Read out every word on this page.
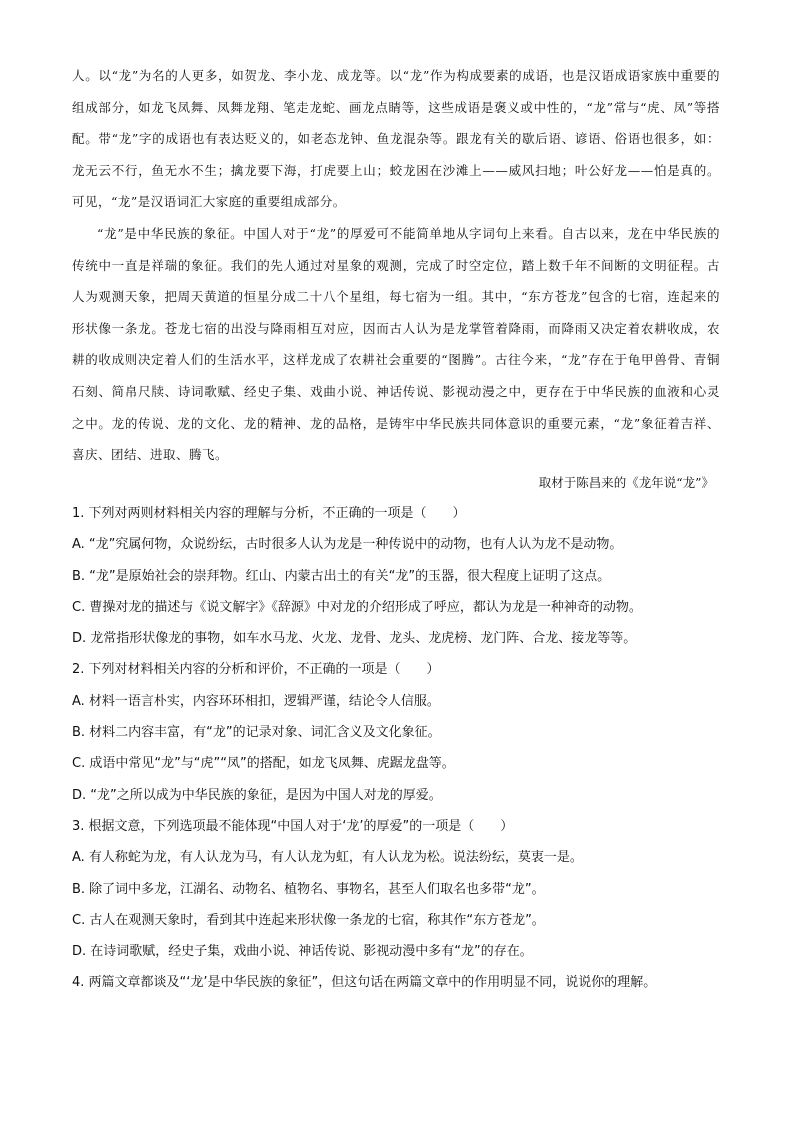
人。以“龙”为名的人更多，如贺龙、李小龙、成龙等。以“龙”作为构成要素的成语，也是汉语成语家族中重要的组成部分，如龙飞凤舞、凤舞龙翔、笔走龙蛇、画龙点睛等，这些成语是褒义或中性的，“龙”常与“虎、凤”等搭配。带“龙”字的成语也有表达贬义的，如老态龙钟、鱼龙混杂等。跟龙有关的歇后语、谚语、俗语也很多，如：龙无云不行，鱼无水不生；擒龙要下海，打虎要上山；蛟龙困在沙滩上——威风扫地；叶公好龙——怕是真的。可见，“龙”是汉语词汇大家庭的重要组成部分。

“龙”是中华民族的象征。中国人对于“龙”的厚爱可不能简单地从字词句上来看。自古以来，龙在中华民族的传统中一直是祥瑞的象征。我们的先人通过对星象的观测，完成了时空定位，踏上数千年不间断的文明征程。古人为观测天象，把周天黄道的恒星分成二十八个星组，每七宿为一组。其中，“东方苍龙”包含的七宿，连起来的形状像一条龙。苍龙七宿的出没与降雨相互对应，因而古人认为是龙掌管着降雨，而降雨又决定着农耕收成，农耕的收成则决定着人们的生活水平，这样龙成了农耕社会重要的“图腾”。古往今来，“龙”存在于龟甲兽骨、青铜石刻、简帛尺牍、诗词歌赋、经史子集、戏曲小说、神话传说、影视动漫之中，更存在于中华民族的血液和心灵之中。龙的传说、龙的文化、龙的精神、龙的品格，是铸牢中华民族共同体意识的重要元素，“龙”象征着吉祥、喜庆、团结、进取、腾飞。

取材于陈昌来的《龙年说“龙”》
1. 下列对两则材料相关内容的理解与分析，不正确的一项是（　　）
A. “龙”究属何物，众说纷纭，古时很多人认为龙是一种传说中的动物，也有人认为龙不是动物。
B. “龙”是原始社会的崇拜物。红山、内蒙古出土的有关“龙”的玉器，很大程度上证明了这点。
C. 曹操对龙的描述与《说文解字》《辞源》中对龙的介绍形成了呼应，都认为龙是一种神奇的动物。
D. 龙常指形状像龙的事物，如车水马龙、火龙、龙骨、龙头、龙虎榜、龙门阵、合龙、接龙等等。
2. 下列对材料相关内容的分析和评价，不正确的一项是（　　）
A. 材料一语言朴实，内容环环相扣，逻辑严谨，结论令人信服。
B. 材料二内容丰富，有“龙”的记录对象、词汇含义及文化象征。
C. 成语中常见“龙”与“虎”“凤”的搭配，如龙飞凤舞、虎踞龙盘等。
D. “龙”之所以成为中华民族的象征，是因为中国人对龙的厚爱。
3. 根据文意，下列选项最不能体现“中国人对于‘龙’的厚爱”的一项是（　　）
A. 有人称蛇为龙，有人认龙为马，有人认龙为虹，有人认龙为松。说法纷纭，莫衷一是。
B. 除了词中多龙，江湖名、动物名、植物名、事物名，甚至人们取名也多带“龙”。
C. 古人在观测天象时，看到其中连起来形状像一条龙的七宿，称其作“东方苍龙”。
D. 在诗词歌赋，经史子集，戏曲小说、神话传说、影视动漫中多有“龙”的存在。
4. 两篇文章都谈及“‘龙’是中华民族的象征”，但这句话在两篇文章中的作用明显不同，说说你的理解。
